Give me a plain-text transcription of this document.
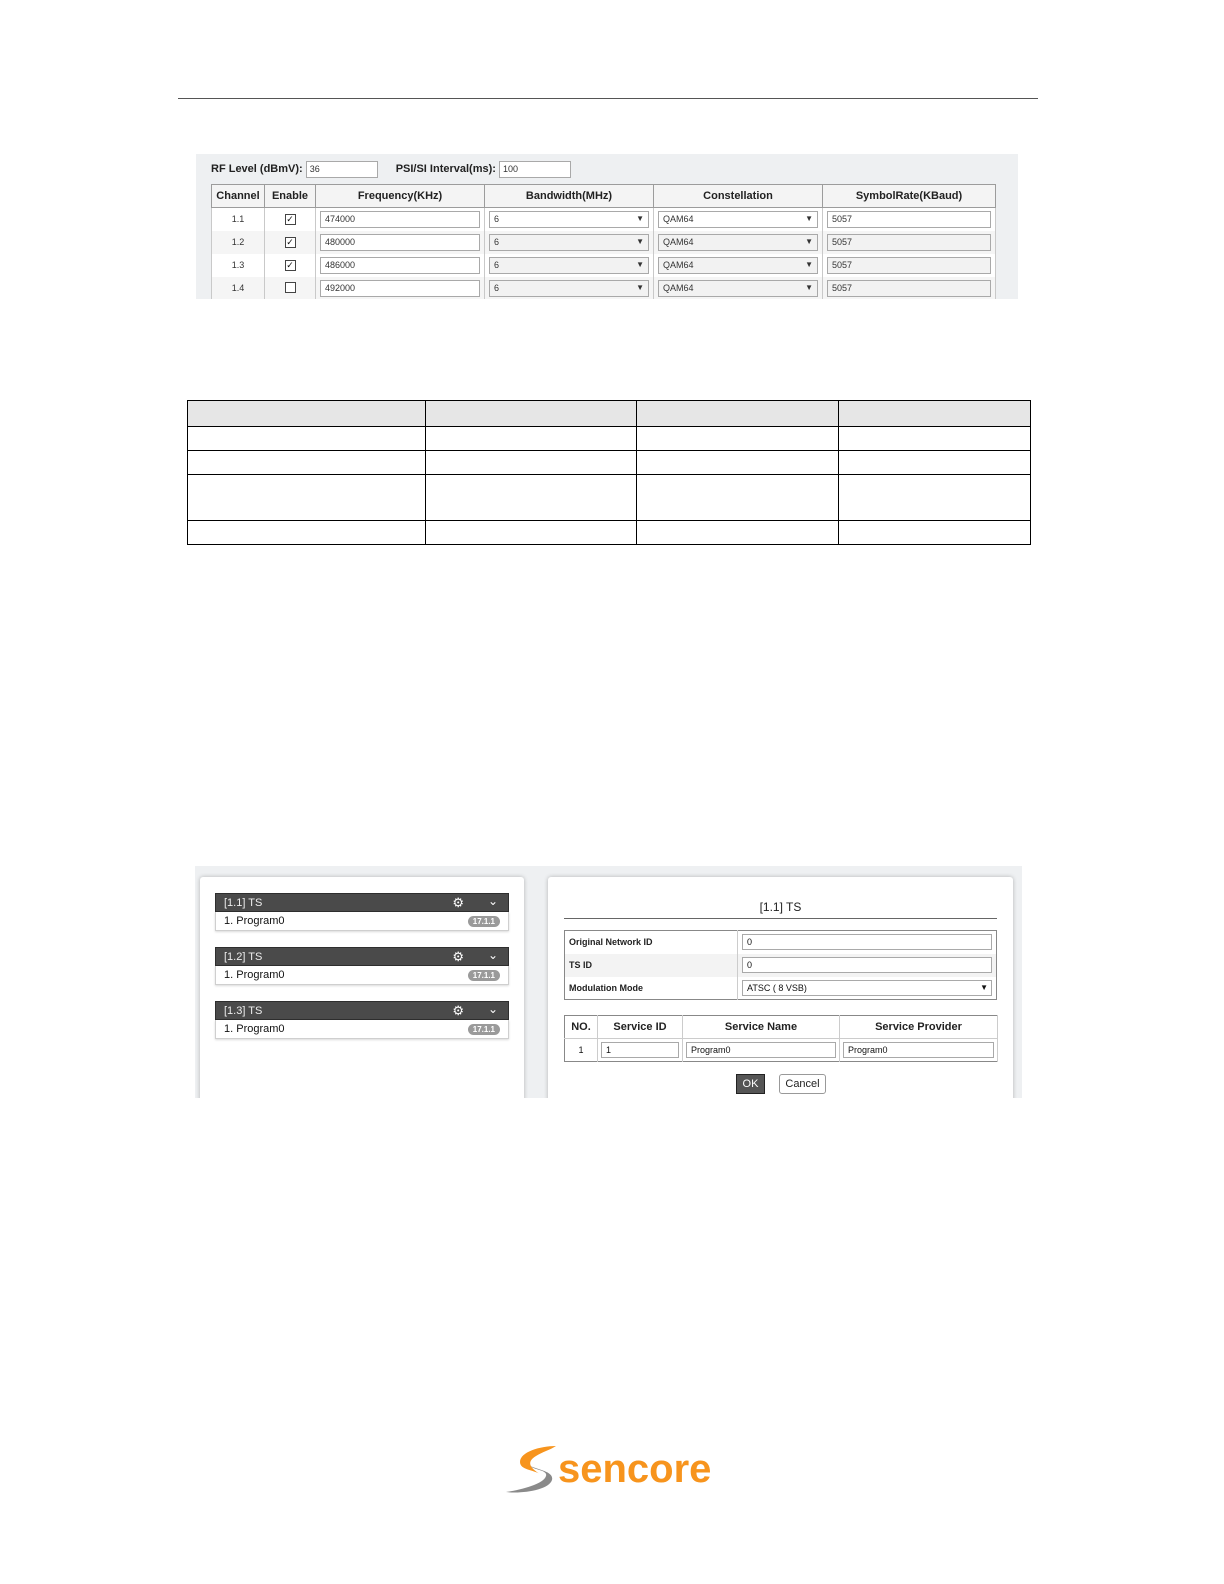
RF Level (dBmV): 36	PSI/SI Interval(ms): 100
Channel	Enable	Frequency(KHz)	Bandwidth(MHz)	Constellation	SymbolRate(KBaud)
1.1	✓	474000	6 ▼	QAM64 ▼	5057

1.2	✓	480000	6 ▼	QAM64 ▼	5057

1.3	✓	486000	6 ▼	QAM64 ▼	5057

1.4		492000	6 ▼	QAM64 ▼	5057

[1.1] TS	⚙ ⌄
1. Program0	17.1.1
[1.2] TS	⚙ ⌄
1. Program0	17.1.1
[1.3] TS	⚙ ⌄
1. Program0	17.1.1
[1.1] TS
Original Network ID	0

TS ID	0

Modulation Mode	ATSC ( 8 VSB) ▼
NO.	Service ID	Service Name	Service Provider
1	1	Program0	Program0
OK	Cancel
sencore
